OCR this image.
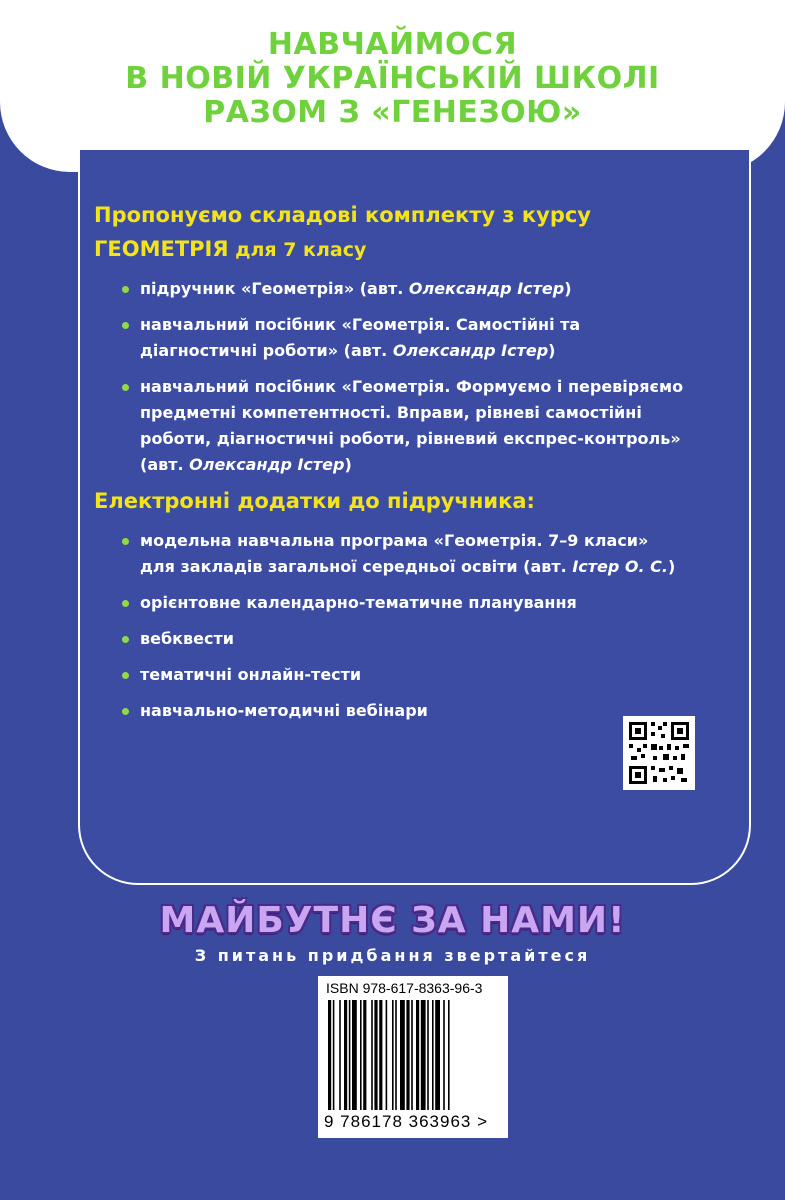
НАВЧАЙМОСЯ
В НОВІЙ УКРАЇНСЬКІЙ ШКОЛІ
РАЗОМ З «ГЕНЕЗОЮ»
Пропонуємо складові комплекту з курсу
ГЕОМЕТРІЯ для 7 класу
підручник «Геометрія» (авт. Олександр Істер)
навчальний посібник «Геометрія. Самостійні та діагностичні роботи» (авт. Олександр Істер)
навчальний посібник «Геометрія. Формуємо і перевіряємо предметні компетентності. Вправи, рівневі самостійні роботи, діагностичні роботи, рівневий експрес-контроль» (авт. Олександр Істер)
Електронні додатки до підручника:
модельна навчальна програма «Геометрія. 7–9 класи» для закладів загальної середньої освіти (авт. Істер О. С.)
орієнтовне календарно-тематичне планування
вебквести
тематичні онлайн-тести
навчально-методичні вебінари
МАЙБУТНЄ ЗА НАМИ!
З питань придбання звертайтеся
ISBN 978-617-8363-96-3
9 786178 363963 >
